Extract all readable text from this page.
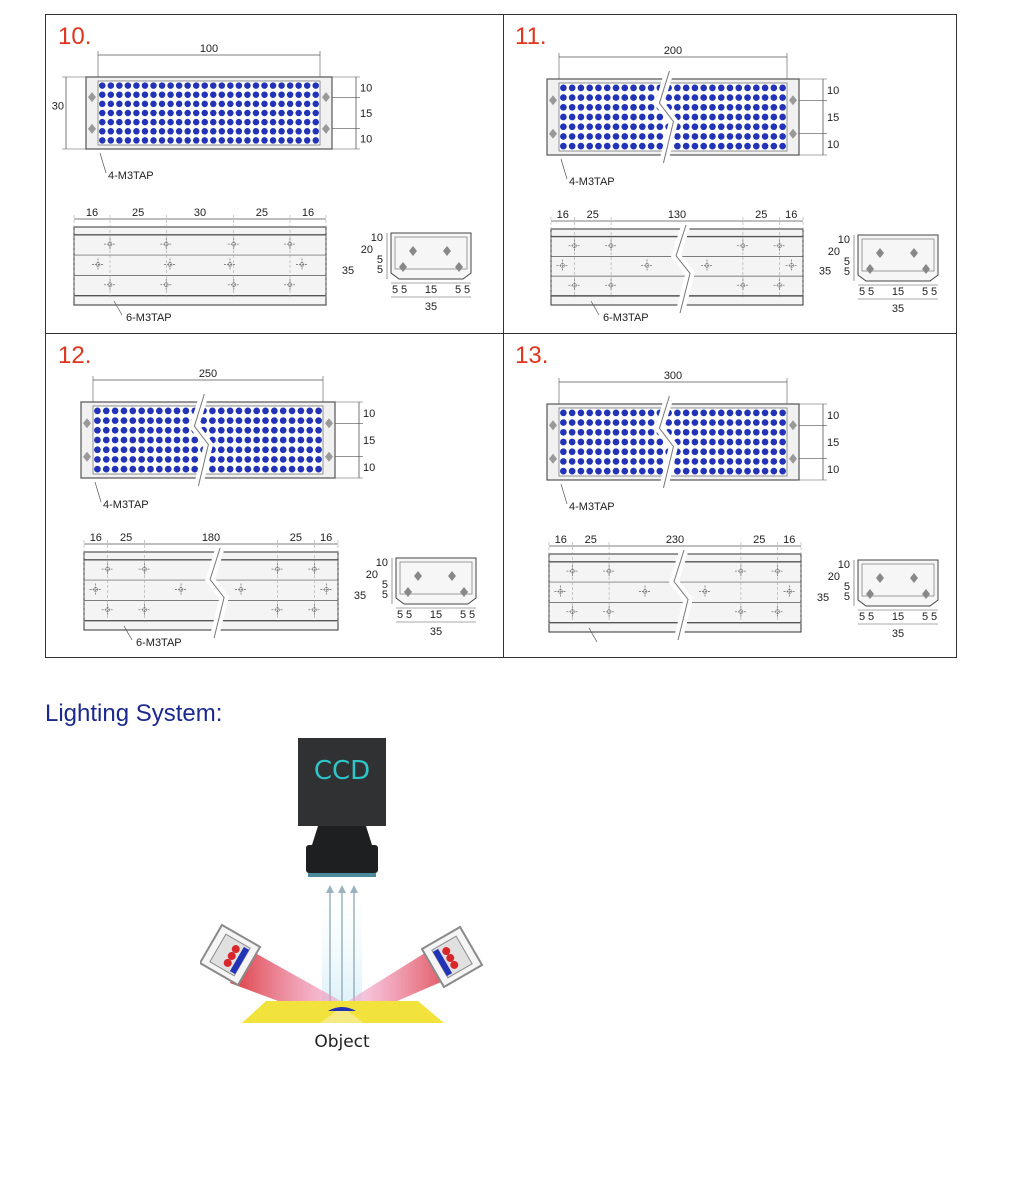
100
30
10
15
10
4-M3TAP
16	25	30	25	16
35
6-M3TAP
10
20
5
5
5 5 15 5 5
35
10.
200
10
15
10
4-M3TAP
16 25	130	25 16
35
6-M3TAP
10
20
5
5
5 5 15 5 5
35
11.
250
10
15
10
4-M3TAP
16 25	180	25 16
35
6-M3TAP
10
20
5
5
5 5 15 5 5
35
12.
300
10
15
10
4-M3TAP
16 25	230	25 16
35
10
20
5
5
5 5 15 5 5
35
13.
Lighting System:
CCD
Object
